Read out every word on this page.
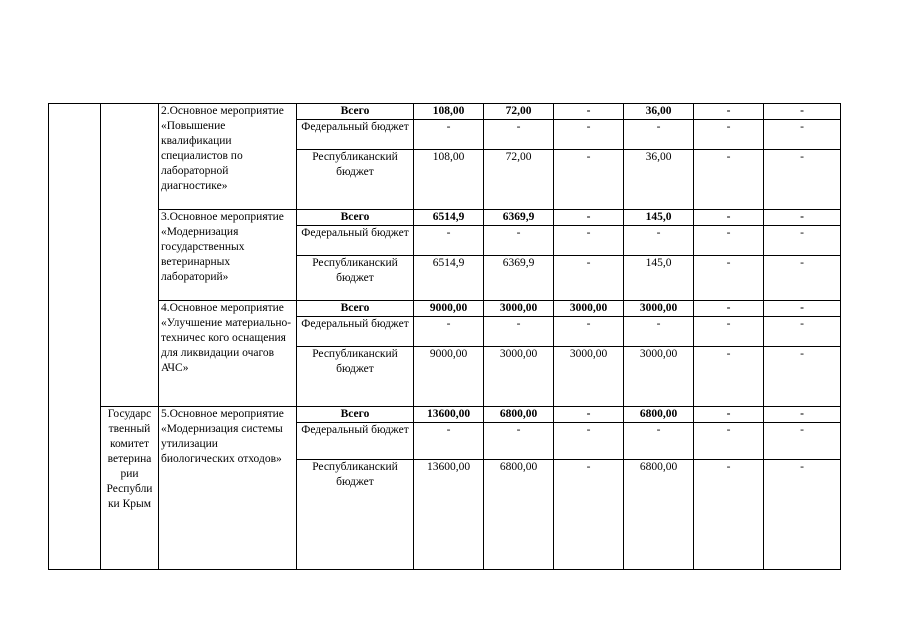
		2.Основное мероприятие «Повышение квалификации специалистов по лабораторной диагностике»	Всего	108,00	72,00	-	36,00	-	-
			Федеральный бюджет	-	-	-	-	-	-
			Республиканский бюджет	108,00	72,00	-	36,00	-	-
		3.Основное мероприятие «Модернизация государственных ветеринарных лабораторий»	Всего	6514,9	6369,9	-	145,0	-	-
			Федеральный бюджет	-	-	-	-	-	-
			Республиканский бюджет	6514,9	6369,9	-	145,0	-	-
		4.Основное мероприятие «Улучшение материально-техничес кого оснащения для ликвидации очагов АЧС»	Всего	9000,00	3000,00	3000,00	3000,00	-	-
			Федеральный бюджет	-	-	-	-	-	-
			Республиканский бюджет	9000,00	3000,00	3000,00	3000,00	-	-
	Государс твенный комитет ветерина рии Республи ки Крым	5.Основное мероприятие «Модернизация системы утилизации биологических отходов»	Всего	13600,00	6800,00	-	6800,00	-	-
			Федеральный бюджет	-	-	-	-	-	-
			Республиканский бюджет	13600,00	6800,00	-	6800,00	-	-
